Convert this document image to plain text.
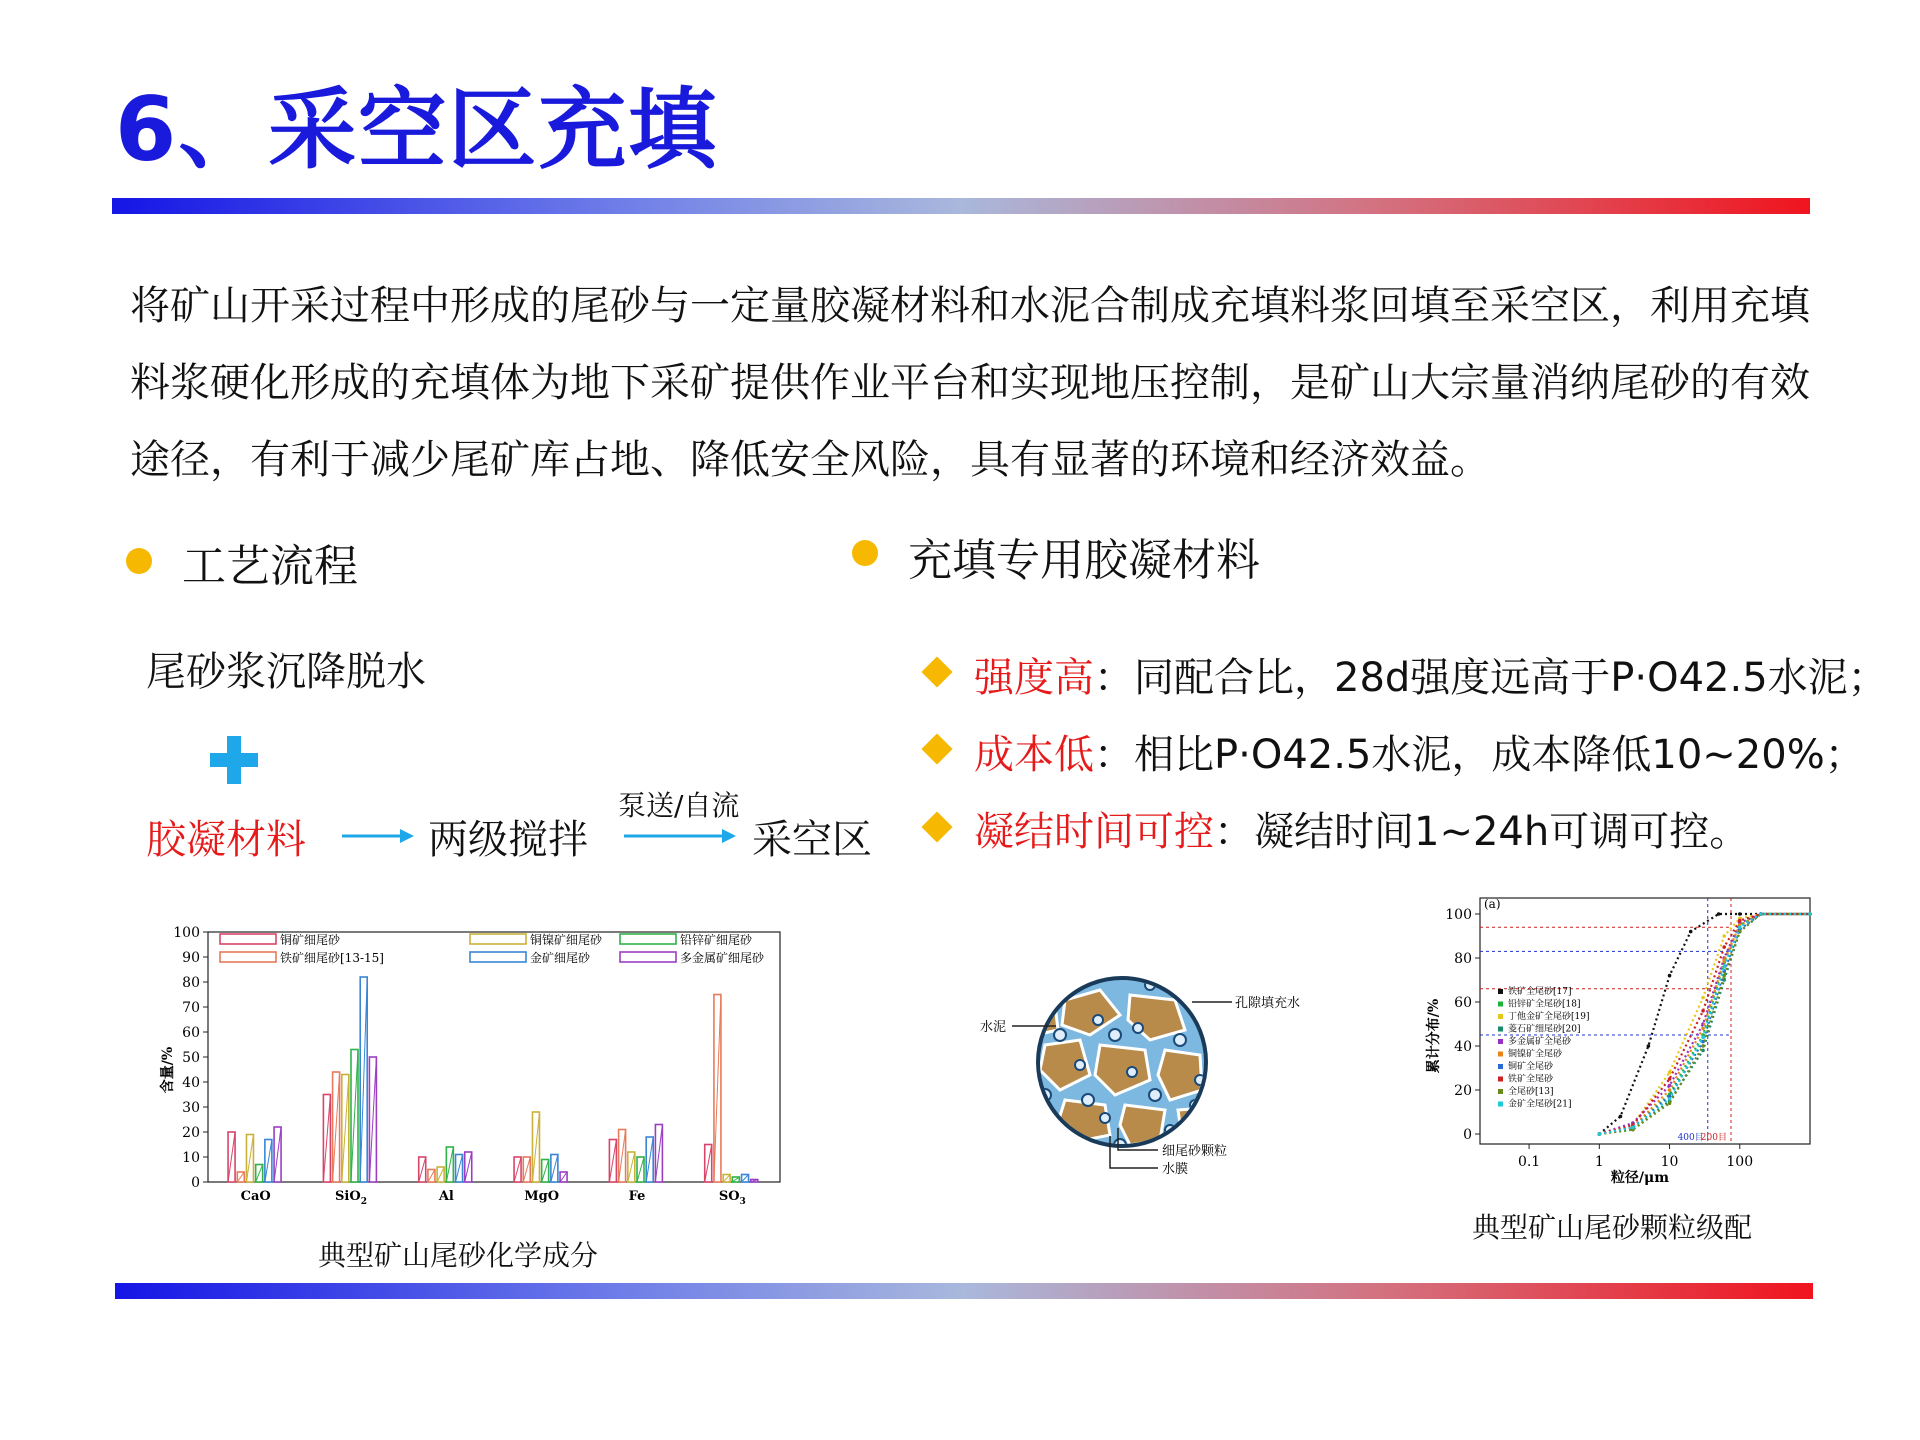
6、采空区充填
将矿山开采过程中形成的尾砂与一定量胶凝材料和水泥合制成充填料浆回填至采空区，利用充填料浆硬化形成的充填体为地下采矿提供作业平台和实现地压控制，是矿山大宗量消纳尾砂的有效途径，有利于减少尾矿库占地、降低安全风险，具有显著的环境和经济效益。
工艺流程
尾砂浆沉降脱水
胶凝材料	两级搅拌
泵送/自流
采空区
充填专用胶凝材料
强度高：同配合比，28d强度远高于P·O42.5水泥；
成本低：相比P·O42.5水泥，成本降低10~20%；
凝结时间可控：凝结时间1~24h可调可控。
0
10
20
30
40
50
60
70
80
90
100
CaO	SiO$_2$	Al	MgO	Fe	$SO_3$
铜矿细尾砂
铁矿细尾砂[13-15]
铜镍矿细尾砂	铅锌矿细尾砂
金矿细尾砂	多金属矿细尾砂
含量/%
典型矿山尾砂化学成分
水泥
孔隙填充水
细尾砂颗粒
水膜
0
20
40
60
80
100
0.1	1	10	100
400目
200目
铁矿全尾砂[17]
铅锌矿全尾砂[18]
丁他金矿全尾砂[19]
菱石矿细尾砂[20]
多金属矿全尾砂
铜镍矿全尾砂
铜矿全尾砂
铁矿全尾砂
全尾砂[13]
金矿全尾砂[21]
(a)
累计分布/%
粒径/μm
典型矿山尾砂颗粒级配
